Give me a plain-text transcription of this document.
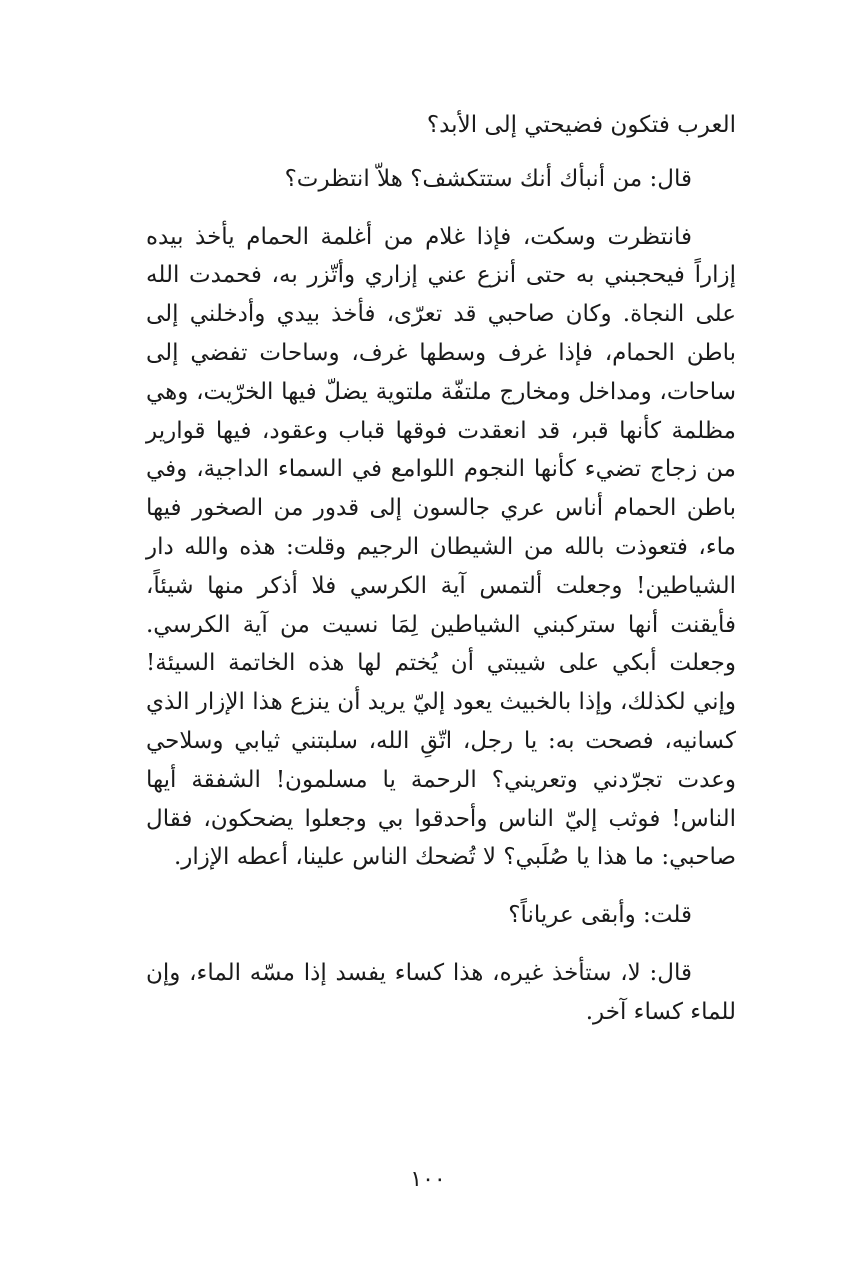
العرب فتكون فضيحتي إلى الأبد؟

قال: من أنبأك أنك ستتكشف؟ هلاّ انتظرت؟

فانتظرت وسكت، فإذا غلام من أغلمة الحمام يأخذ بيده إزاراً فيحجبني به حتى أنزع عني إزاري وأتّزر به، فحمدت الله على النجاة. وكان صاحبي قد تعرّى، فأخذ بيدي وأدخلني إلى باطن الحمام، فإذا غرف وسطها غرف، وساحات تفضي إلى ساحات، ومداخل ومخارج ملتفّة ملتوية يضلّ فيها الخرّيت، وهي مظلمة كأنها قبر، قد انعقدت فوقها قباب وعقود، فيها قوارير من زجاج تضيء كأنها النجوم اللوامع في السماء الداجية، وفي باطن الحمام أناس عري جالسون إلى قدور من الصخور فيها ماء، فتعوذت بالله من الشيطان الرجيم وقلت: هذه والله دار الشياطين! وجعلت ألتمس آية الكرسي فلا أذكر منها شيئاً، فأيقنت أنها ستركبني الشياطين لِمَا نسيت من آية الكرسي. وجعلت أبكي على شيبتي أن يُختم لها هذه الخاتمة السيئة! وإني لكذلك، وإذا بالخبيث يعود إليّ يريد أن ينزع هذا الإزار الذي كسانيه، فصحت به: يا رجل، اتّقِ الله، سلبتني ثيابي وسلاحي وعدت تجرّدني وتعريني؟ الرحمة يا مسلمون! الشفقة أيها الناس! فوثب إليّ الناس وأحدقوا بي وجعلوا يضحكون، فقال صاحبي: ما هذا يا صُلَبي؟ لا تُضحك الناس علينا، أعطه الإزار.

قلت: وأبقى عرياناً؟

قال: لا، ستأخذ غيره، هذا كساء يفسد إذا مسّه الماء، وإن للماء كساء آخر.

١٠٠
